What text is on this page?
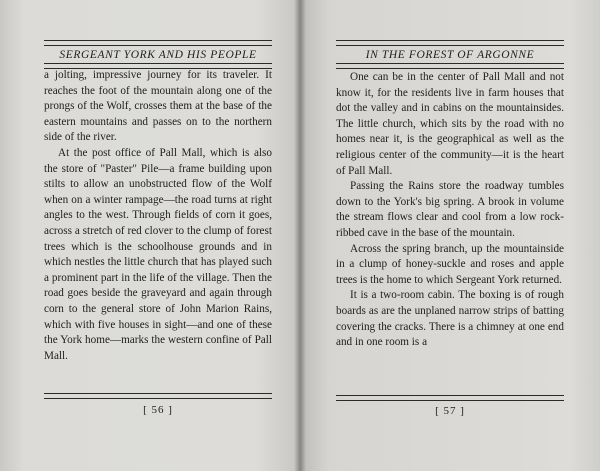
SERGEANT YORK AND HIS PEOPLE

a jolting, impressive journey for its traveler. It reaches the foot of the mountain along one of the prongs of the Wolf, crosses them at the base of the eastern mountains and passes on to the northern side of the river.

At the post office of Pall Mall, which is also the store of "Paster" Pile—a frame building upon stilts to allow an unobstructed flow of the Wolf when on a winter rampage—the road turns at right angles to the west. Through fields of corn it goes, across a stretch of red clover to the clump of forest trees which is the schoolhouse grounds and in which nestles the little church that has played such a prominent part in the life of the village. Then the road goes beside the graveyard and again through corn to the general store of John Marion Rains, which with five houses in sight—and one of these the York home—marks the western confine of Pall Mall.

[ 56 ]
IN THE FOREST OF ARGONNE

One can be in the center of Pall Mall and not know it, for the residents live in farm houses that dot the valley and in cabins on the mountainsides. The little church, which sits by the road with no homes near it, is the geographical as well as the religious center of the community—it is the heart of Pall Mall.

Passing the Rains store the roadway tumbles down to the York's big spring. A brook in volume the stream flows clear and cool from a low rock-ribbed cave in the base of the mountain.

Across the spring branch, up the mountainside in a clump of honey-suckle and roses and apple trees is the home to which Sergeant York returned.

It is a two-room cabin. The boxing is of rough boards as are the unplaned narrow strips of batting covering the cracks. There is a chimney at one end and in one room is a

[ 57 ]
